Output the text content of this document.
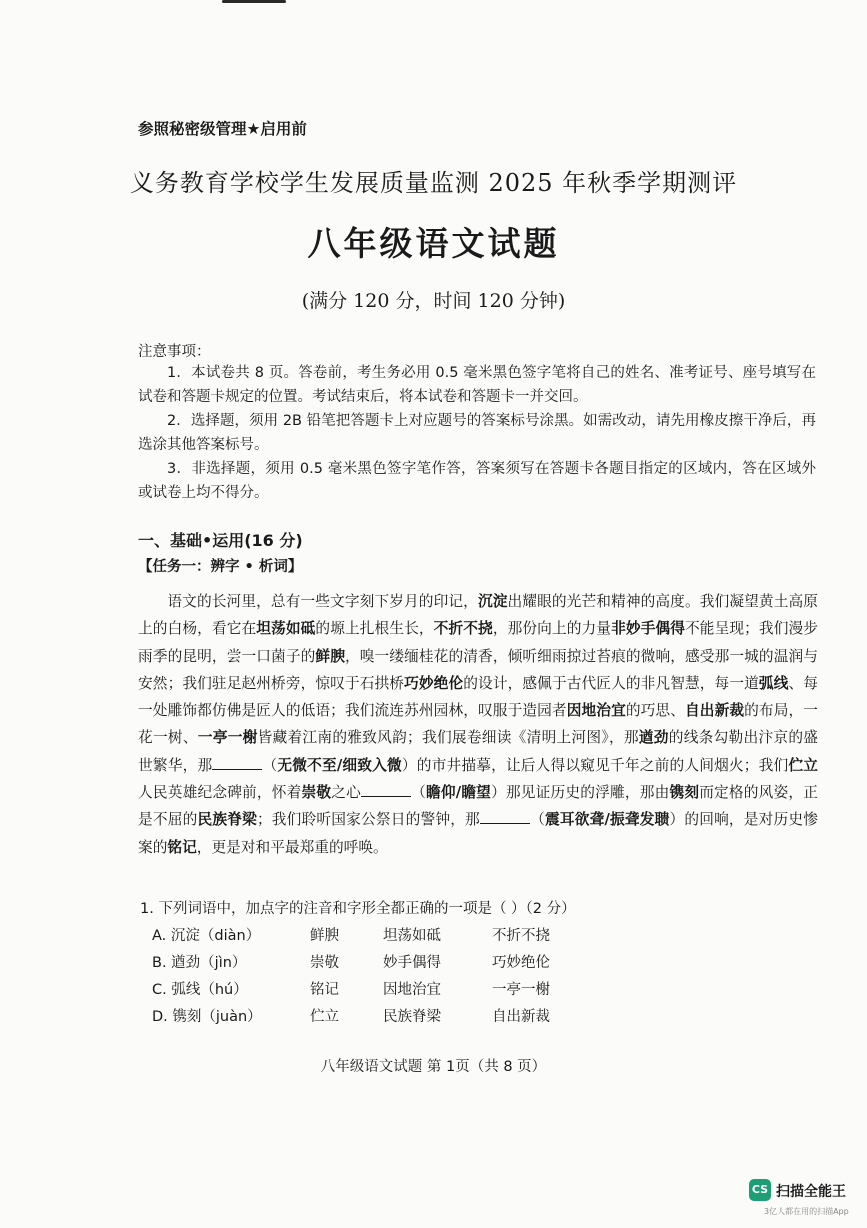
参照秘密级管理★启用前
义务教育学校学生发展质量监测 2025 年秋季学期测评
八年级语文试题
(满分 120 分，时间 120 分钟)
注意事项：
1．本试卷共 8 页。答卷前，考生务必用 0.5 毫米黑色签字笔将自己的姓名、准考证号、座号填写在试卷和答题卡规定的位置。考试结束后，将本试卷和答题卡一并交回。
2．选择题，须用 2B 铅笔把答题卡上对应题号的答案标号涂黑。如需改动，请先用橡皮擦干净后，再选涂其他答案标号。
3．非选择题，须用 0.5 毫米黑色签字笔作答，答案须写在答题卡各题目指定的区域内，答在区域外或试卷上均不得分。
一、基础•运用(16 分)
【任务一：辨字 • 析词】
语文的长河里，总有一些文字刻下岁月的印记，沉淀出耀眼的光芒和精神的高度。我们凝望黄土高原上的白杨，看它在坦荡如砥的塬上扎根生长，不折不挠，那份向上的力量非妙手偶得不能呈现；我们漫步雨季的昆明，尝一口菌子的鲜腴，嗅一缕缅桂花的清香，倾听细雨掠过苔痕的微响，感受那一城的温润与安然；我们驻足赵州桥旁，惊叹于石拱桥巧妙绝伦的设计，感佩于古代匠人的非凡智慧，每一道弧线、每一处雕饰都仿佛是匠人的低语；我们流连苏州园林，叹服于造园者因地治宜的巧思、自出新裁的布局，一花一树、一亭一榭皆藏着江南的雅致风韵；我们展卷细读《清明上河图》，那遒劲的线条勾勒出汴京的盛世繁华，那	（无微不至/细致入微）的市井描摹，让后人得以窥见千年之前的人间烟火；我们伫立人民英雄纪念碑前，怀着崇敬之心	（瞻仰/瞻望）那见证历史的浮雕，那由镌刻而定格的风姿，正是不屈的民族脊梁；我们聆听国家公祭日的警钟，那	（震耳欲聋/振聋发聩）的回响，是对历史惨案的铭记，更是对和平最郑重的呼唤。
1. 下列词语中，加点字的注音和字形全都正确的一项是（ ）（2 分）
A. 沉淀（diàn）	鲜腴	坦荡如砥	不折不挠
B. 遒劲（jìn）	崇敬	妙手偶得	巧妙绝伦
C. 弧线（hú）	铭记	因地治宜	一亭一榭
D. 镌刻（juàn）	伫立	民族脊梁	自出新裁
八年级语文试题 第 1页（共 8 页）
CS 扫描全能王
3亿人都在用的扫描App
